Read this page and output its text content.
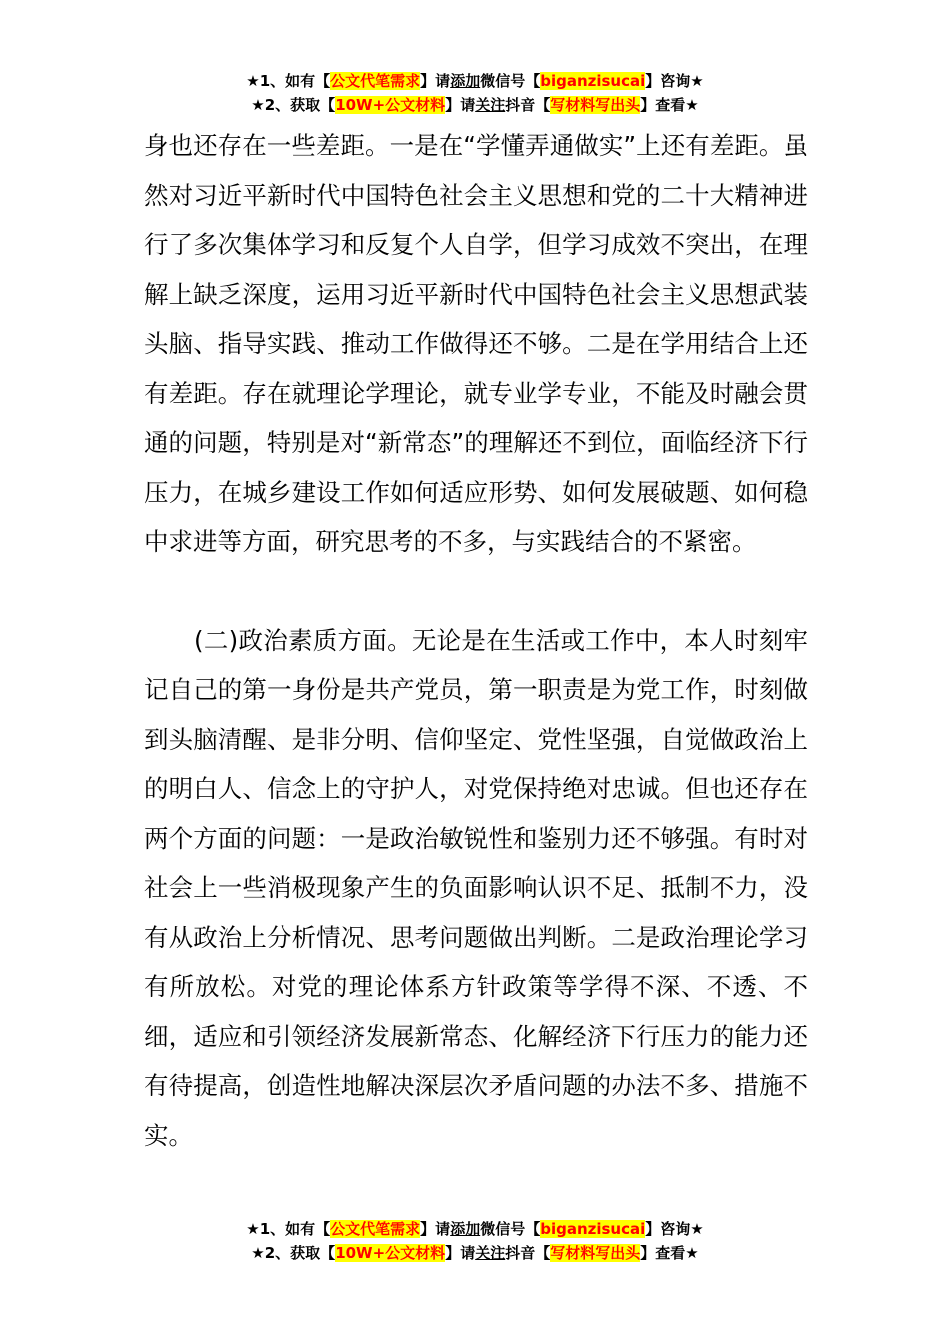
★1、如有【公文代笔需求】请添加微信号【biganzisucai】咨询★
★2、获取【10W+公文材料】请关注抖音【写材料写出头】查看★

身也还存在一些差距。一是在“学懂弄通做实”上还有差距。虽然对习近平新时代中国特色社会主义思想和党的二十大精神进行了多次集体学习和反复个人自学，但学习成效不突出，在理解上缺乏深度，运用习近平新时代中国特色社会主义思想武装头脑、指导实践、推动工作做得还不够。二是在学用结合上还有差距。存在就理论学理论，就专业学专业，不能及时融会贯通的问题，特别是对“新常态”的理解还不到位，面临经济下行压力，在城乡建设工作如何适应形势、如何发展破题、如何稳中求进等方面，研究思考的不多，与实践结合的不紧密。

(二)政治素质方面。无论是在生活或工作中，本人时刻牢记自己的第一身份是共产党员，第一职责是为党工作，时刻做到头脑清醒、是非分明、信仰坚定、党性坚强，自觉做政治上的明白人、信念上的守护人，对党保持绝对忠诚。但也还存在两个方面的问题：一是政治敏锐性和鉴别力还不够强。有时对社会上一些消极现象产生的负面影响认识不足、抵制不力，没有从政治上分析情况、思考问题做出判断。二是政治理论学习有所放松。对党的理论体系方针政策等学得不深、不透、不细，适应和引领经济发展新常态、化解经济下行压力的能力还有待提高，创造性地解决深层次矛盾问题的办法不多、措施不实。

★1、如有【公文代笔需求】请添加微信号【biganzisucai】咨询★
★2、获取【10W+公文材料】请关注抖音【写材料写出头】查看★
